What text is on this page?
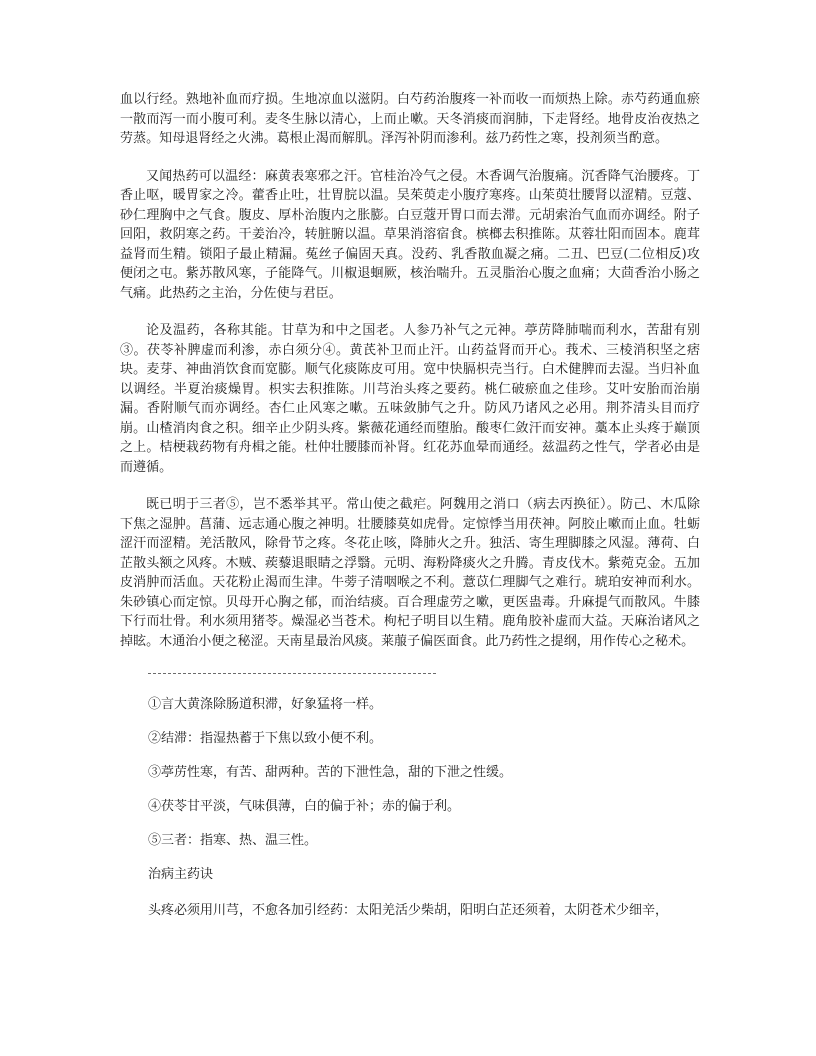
血以行经。熟地补血而疗损。生地凉血以滋阴。白芍药治腹疼一补而收一而烦热上除。赤芍药通血瘀一散而泻一而小腹可利。麦冬生脉以清心，上而止嗽。天冬消痰而润肺，下走肾经。地骨皮治夜热之劳蒸。知母退肾经之火沸。葛根止渴而解肌。泽泻补阴而渗利。兹乃药性之寒，投剂须当酌意。

又闻热药可以温经：麻黄表寒邪之汗。官桂治冷气之侵。木香调气治腹痛。沉香降气治腰疼。丁香止呕，暖胃家之冷。藿香止吐，壮胃脘以温。吴茱萸走小腹疗寒疼。山茱萸壮腰肾以涩精。豆蔻、砂仁理胸中之气食。腹皮、厚朴治腹内之胀膨。白豆蔻开胃口而去滞。元胡索治气血而亦调经。附子回阳，救阴寒之药。干姜治冷，转脏腑以温。草果消溶宿食。槟榔去积推陈。苁蓉壮阳而固本。鹿茸益肾而生精。锁阳子最止精漏。菟丝子偏固天真。没药、乳香散血凝之痛。二丑、巴豆(二位相反)攻便闭之屯。紫苏散风寒，子能降气。川椒退蛔厥，核治喘升。五灵脂治心腹之血痛；大茴香治小肠之气痛。此热药之主治，分佐使与君臣。

论及温药，各称其能。甘草为和中之国老。人参乃补气之元神。葶苈降肺喘而利水，苦甜有别③。茯苓补脾虚而利渗，赤白须分④。黄芪补卫而止汗。山药益肾而开心。莪术、三棱消积坚之痞块。麦芽、神曲消饮食而宽膨。顺气化痰陈皮可用。宽中快膈枳壳当行。白术健脾而去湿。当归补血以调经。半夏治痰燥胃。枳实去积推陈。川芎治头疼之要药。桃仁破瘀血之佳珍。艾叶安胎而治崩漏。香附顺气而亦调经。杏仁止风寒之嗽。五味敛肺气之升。防风乃诸风之必用。荆芥清头目而疗崩。山楂消肉食之积。细辛止少阴头疼。紫薇花通经而堕胎。酸枣仁敛汗而安神。藁本止头疼于巅顶之上。桔梗栽药物有舟楫之能。杜仲壮腰膝而补肾。红花苏血晕而通经。兹温药之性气，学者必由是而遵循。

既已明于三者⑤，岂不悉举其平。常山使之截疟。阿魏用之消口（病去丙换征）。防己、木瓜除下焦之湿肿。菖蒲、远志通心腹之神明。壮腰膝莫如虎骨。定惊悸当用茯神。阿胶止嗽而止血。牡蛎涩汗而涩精。羌活散风，除骨节之疼。冬花止咳，降肺火之升。独活、寄生理脚膝之风湿。薄荷、白芷散头额之风疼。木贼、蒺藜退眼睛之浮翳。元明、海粉降痰火之升腾。青皮伐木。紫菀克金。五加皮消肿而活血。天花粉止渴而生津。牛蒡子清咽喉之不利。薏苡仁理脚气之难行。琥珀安神而利水。朱砂镇心而定惊。贝母开心胸之郁，而治结痰。百合理虚劳之嗽，更医蛊毒。升麻提气而散风。牛膝下行而壮骨。利水须用猪苓。燥湿必当苍术。枸杞子明目以生精。鹿角胶补虚而大益。天麻治诸风之掉眩。木通治小便之秘涩。天南星最治风痰。莱菔子偏医面食。此乃药性之提纲，用作传心之秘术。

①言大黄涤除肠道积滞，好象猛将一样。

②结滞：指湿热蓄于下焦以致小便不利。

③葶苈性寒，有苦、甜两种。苦的下泄性急，甜的下泄之性缓。

④茯苓甘平淡，气味俱薄，白的偏于补；赤的偏于利。

⑤三者：指寒、热、温三性。

治病主药诀

头疼必须用川芎，不愈各加引经药：太阳羌活少柴胡，阳明白芷还须着，太阴苍术少细辛，
